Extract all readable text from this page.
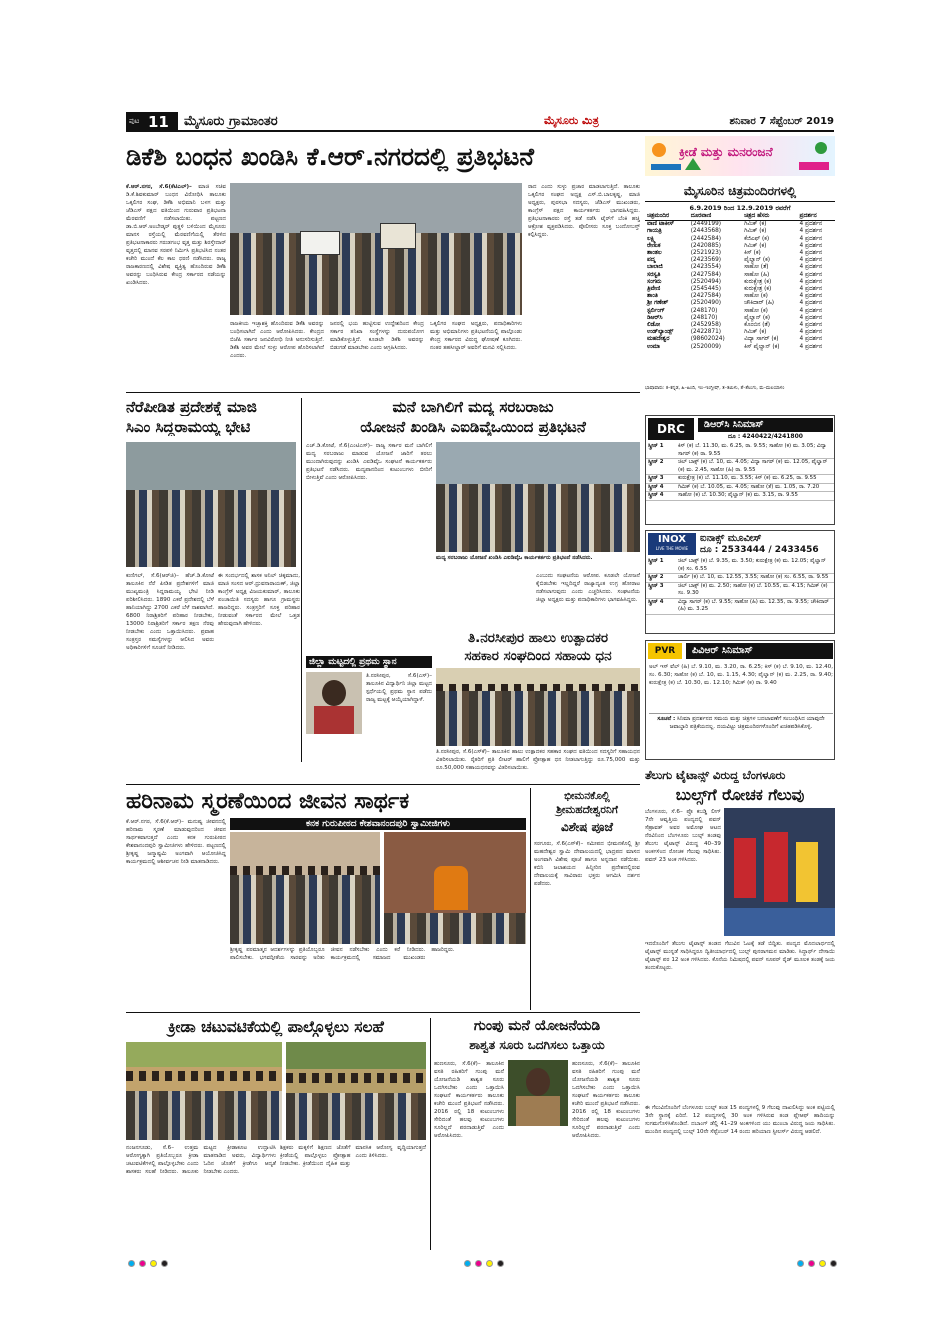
ಪುಟ 11 ಮೈಸೂರು ಗ್ರಾಮಾಂತರ	ಮೈಸೂರು ಮಿತ್ರ	ಶನಿವಾರ 7 ಸೆಪ್ಟೆಂಬರ್ 2019
ಡಿಕೆಶಿ ಬಂಧನ ಖಂಡಿಸಿ ಕೆ.ಆರ್.ನಗರದಲ್ಲಿ ಪ್ರತಿಭಟನೆ	ಕ್ರೀಡೆ ಮತ್ತು ಮನರಂಜನೆ

ಕೆ.ಆರ್.ನಗರ, ಸೆ.6(ಕೆಟಿಎಲ್)– ಮಾಜಿ ಸಚಿವ ಡಿ.ಕೆ.ಶಿವಕುಮಾರ್ ಬಂಧನ ವಿರೋಧಿಸಿ ತಾಲೂಕು ಒಕ್ಕಲಿಗರ ಸಂಘ, ಡಿಕೆಶಿ ಅಭಿಮಾನಿ ಬಳಗ ಮತ್ತು ಜೆಡಿಎಸ್ ಪಕ್ಷದ ವತಿಯಿಂದ ಗುರುವಾರ ಪ್ರತಿಭಟನಾ ಮೆರವಣಿಗೆ ನಡೆಸಲಾಯಿತು. ಪಟ್ಟಣದ ಡಾ.ಬಿ.ಆರ್.ಅಂಬೇಡ್ಕರ್ ಪುತ್ಥಳಿ ಬಳಿಯಿಂದ ಮೈಸೂರು ಮಾನಸ ರಸ್ತೆಯಲ್ಲಿ ಮೆರವಣಿಗೆಯಲ್ಲಿ ತೆರಳಿದ ಪ್ರತಿಭಟನಾಕಾರರು ಗರುಡಗಂಭ ವೃತ್ತ ಮತ್ತು ಶಿರಸ್ತೇದಾರ್ ವೃತ್ತದಲ್ಲಿ ಮಾನವ ಸರಪಳಿ ನಿರ್ಮಿಸಿ ಪ್ರತಿಭಟಿಸಿದ ನಂತರ ಕಚೇರಿ ಮುಂದೆ ಕೆಲ ಕಾಲ ಧರಣಿ ನಡೆಸಿದರು. ರಾಜ್ಯ ರಾಜಕಾರಣದಲ್ಲಿ ವಿಶೇಷ ವ್ಯಕ್ತಿತ್ವ ಹೊಂದಿರುವ ಡಿಕೆಶಿ ಅವರನ್ನು ಬಂಧಿಸಿರುವ ಕೇಂದ್ರ ಸರ್ಕಾರದ ನಡೆಯನ್ನು ಖಂಡಿಸಿದರು.

ರಾಜಕೀಯ ಇಚ್ಛಾಶಕ್ತಿ ಹೊಂದಿರುವ ಡಿಕೆಶಿ ಅವರನ್ನು ಬಂಧಿಸಲಾಗಿದೆ ಎಂದು ಆರೋಪಿಸಿದರು. ಕೇಂದ್ರದ ಬಿಜೆಪಿ ಸರ್ಕಾರ ಜನವಿರೋಧಿ ನೀತಿ ಅನುಸರಿಸುತ್ತಿದೆ. ಡಿಕೆಶಿ ಅವರ ಮೇಲೆ ಸುಳ್ಳು ಆರೋಪ ಹೊರಿಸಲಾಗಿದೆ ಎಂದರು.
ಜನರಲ್ಲಿ ಭಯ ಹುಟ್ಟಿಸುವ ಉದ್ದೇಶದಿಂದ ಕೇಂದ್ರ ಸರ್ಕಾರ ತನಿಖಾ ಸಂಸ್ಥೆಗಳನ್ನು ದುರುಪಯೋಗ ಮಾಡಿಕೊಳ್ಳುತ್ತಿದೆ. ಕೂಡಲೇ ಡಿಕೆಶಿ ಅವರನ್ನು ಬಿಡುಗಡೆ ಮಾಡಬೇಕು ಎಂದು ಆಗ್ರಹಿಸಿದರು.
ಒಕ್ಕಲಿಗರ ಸಂಘದ ಅಧ್ಯಕ್ಷರು, ಪದಾಧಿಕಾರಿಗಳು ಮತ್ತು ಅಭಿಮಾನಿಗಳು ಪ್ರತಿಭಟನೆಯಲ್ಲಿ ಪಾಲ್ಗೊಂಡು ಕೇಂದ್ರ ಸರ್ಕಾರದ ವಿರುದ್ಧ ಘೋಷಣೆ ಕೂಗಿದರು. ನಂತರ ತಹಸೀಲ್ದಾರ್ ಅವರಿಗೆ ಮನವಿ ಸಲ್ಲಿಸಿದರು.
ರಾದ ಎಂದು ಸುಳ್ಳು ಪ್ರಚಾರ ಮಾಡಲಾಗುತ್ತಿದೆ. ತಾಲೂಕು ಒಕ್ಕಲಿಗರ ಸಂಘದ ಅಧ್ಯಕ್ಷ ಎಸ್.ಬಿ.ಬಾಲಕೃಷ್ಣ, ಮಾಜಿ ಅಧ್ಯಕ್ಷರು, ಪುರಸಭಾ ಸದಸ್ಯರು, ಜೆಡಿಎಸ್ ಮುಖಂಡರು, ಕಾಂಗ್ರೆಸ್ ಪಕ್ಷದ ಕಾರ್ಯಕರ್ತರು ಭಾಗವಹಿಸಿದ್ದರು. ಪ್ರತಿಭಟನಾಕಾರರು ರಸ್ತೆ ತಡೆ ನಡೆಸಿ ಟೈರ್‌ಗೆ ಬೆಂಕಿ ಹಚ್ಚಿ ಆಕ್ರೋಶ ವ್ಯಕ್ತಪಡಿಸಿದರು. ಪೊಲೀಸರು ಸೂಕ್ತ ಬಂದೋಬಸ್ತ್ ಕಲ್ಪಿಸಿದ್ದರು.
ನೆರೆಪೀಡಿತ ಪ್ರದೇಶಕ್ಕೆ ಮಾಜಿ
ಸಿಎಂ ಸಿದ್ದರಾಮಯ್ಯ ಭೇಟಿ
ಕುಣಿಗಲ್, ಸೆ.6(ಆರ್‌ಜಿ)– ಹೆಚ್.ಡಿ.ಕೋಟೆ ತಾಲೂಕಿನ ನೆರೆ ಪೀಡಿತ ಪ್ರದೇಶಗಳಿಗೆ ಮಾಜಿ ಮುಖ್ಯಮಂತ್ರಿ ಸಿದ್ದರಾಮಯ್ಯ ಭೇಟಿ ನೀಡಿ ಪರಿಶೀಲಿಸಿದರು. 1890 ಎಕರೆ ಪ್ರದೇಶದಲ್ಲಿ ಬೆಳೆ ಹಾನಿಯಾಗಿದ್ದು 2700 ಎಕರೆ ಬೆಳೆ ನಾಶವಾಗಿದೆ. 6800 ನಿರಾಶ್ರಿತರಿಗೆ ಪರಿಹಾರ ನೀಡಬೇಕು, 13000 ನಿರಾಶ್ರಿತರಿಗೆ ಸರ್ಕಾರ ತಕ್ಷಣ ನೆರವು ನೀಡಬೇಕು ಎಂದು ಒತ್ತಾಯಿಸಿದರು. ಪ್ರವಾಹ ಸಂತ್ರಸ್ತರ ಸಮಸ್ಯೆಗಳನ್ನು ಆಲಿಸಿದ ಅವರು ಅಧಿಕಾರಿಗಳಿಗೆ ಸೂಚನೆ ನೀಡಿದರು.
ಈ ಸಂದರ್ಭದಲ್ಲಿ ಶಾಸಕ ಅನಿಲ್ ಚಿಕ್ಕಮಾದು, ಮಾಜಿ ಸಂಸದ ಆರ್.ಧ್ರುವನಾರಾಯಣ್, ಜಿಲ್ಲಾ ಕಾಂಗ್ರೆಸ್ ಅಧ್ಯಕ್ಷ ವಿಜಯಕುಮಾರ್, ತಾಲೂಕು ಪಂಚಾಯಿತಿ ಸದಸ್ಯರು ಹಾಗೂ ಗ್ರಾಮಸ್ಥರು ಹಾಜರಿದ್ದರು. ಸಂತ್ರಸ್ತರಿಗೆ ಸೂಕ್ತ ಪರಿಹಾರ ನೀಡುವಂತೆ ಸರ್ಕಾರದ ಮೇಲೆ ಒತ್ತಡ ಹೇರುವುದಾಗಿ ಹೇಳಿದರು.
ಮನೆ ಬಾಗಿಲಿಗೆ ಮದ್ಯ ಸರಬರಾಜು
ಯೋಜನೆ ಖಂಡಿಸಿ ಎಐಡಿವೈಒಯಿಂದ ಪ್ರತಿಭಟನೆ
ಎಚ್.ಡಿ.ಕೋಟೆ, ಸೆ.6(ಎಂಟಿಎಸ್)– ರಾಜ್ಯ ಸರ್ಕಾರ ಮನೆ ಬಾಗಿಲಿಗೆ ಮದ್ಯ ಸರಬರಾಜು ಮಾಡುವ ಯೋಜನೆ ಜಾರಿಗೆ ತರಲು ಮುಂದಾಗಿರುವುದನ್ನು ಖಂಡಿಸಿ ಎಐಡಿವೈಒ ಸಂಘಟನೆ ಕಾರ್ಯಕರ್ತರು ಪ್ರತಿಭಟನೆ ನಡೆಸಿದರು. ಮದ್ಯಪಾನದಿಂದ ಕುಟುಂಬಗಳು ಬೀದಿಗೆ ಬೀಳುತ್ತಿವೆ ಎಂದು ಆರೋಪಿಸಿದರು.
ಮದ್ಯ ಸರಬರಾಜು ಯೋಜನೆ ಖಂಡಿಸಿ ಎಐಡಿವೈಒ ಕಾರ್ಯಕರ್ತರು ಪ್ರತಿಭಟನೆ ನಡೆಸಿದರು.
ಎಂಬುದು ಸಂಘಟನೆಯ ಆರೋಪ. ಕೂಡಲೇ ಯೋಜನೆ ಕೈಬಿಡಬೇಕು ಇಲ್ಲದಿದ್ದರೆ ರಾಜ್ಯಾದ್ಯಂತ ಉಗ್ರ ಹೋರಾಟ ನಡೆಸಲಾಗುವುದು ಎಂದು ಎಚ್ಚರಿಸಿದರು. ಸಂಘಟನೆಯ ಜಿಲ್ಲಾ ಅಧ್ಯಕ್ಷರು ಮತ್ತು ಪದಾಧಿಕಾರಿಗಳು ಭಾಗವಹಿಸಿದ್ದರು.
ತಿ.ನರಸೀಪುರ ಹಾಲು ಉತ್ಪಾದಕರ
ಸಹಕಾರ ಸಂಘದಿಂದ ಸಹಾಯ ಧನ
ತಿ.ನರಸೀಪುರ, ಸೆ.6(ಎಸ್‌ಕೆ)– ತಾಲೂಕಿನ ಹಾಲು ಉತ್ಪಾದಕರ ಸಹಕಾರ ಸಂಘದ ವತಿಯಿಂದ ಸದಸ್ಯರಿಗೆ ಸಹಾಯಧನ ವಿತರಿಸಲಾಯಿತು. ರೈತರಿಗೆ ಪ್ರತಿ ಲೀಟರ್ ಹಾಲಿಗೆ ಪ್ರೋತ್ಸಾಹ ಧನ ನೀಡಲಾಗುತ್ತಿದ್ದು ರೂ.75,000 ಮತ್ತು ರೂ.50,000 ಸಹಾಯಧನವನ್ನು ವಿತರಿಸಲಾಯಿತು.
ಜಿಲ್ಲಾ ಮಟ್ಟದಲ್ಲಿ ಪ್ರಥಮ ಸ್ಥಾನ
ತಿ.ನರಸೀಪುರ, ಸೆ.6(ಎಸ್)– ತಾಲೂಕಿನ ವಿದ್ಯಾರ್ಥಿನಿ ಜಿಲ್ಲಾ ಮಟ್ಟದ ಸ್ಪರ್ಧೆಯಲ್ಲಿ ಪ್ರಥಮ ಸ್ಥಾನ ಪಡೆದು ರಾಜ್ಯ ಮಟ್ಟಕ್ಕೆ ಆಯ್ಕೆಯಾಗಿದ್ದಾಳೆ.
ಹರಿನಾಮ ಸ್ಮರಣೆಯಿಂದ ಜೀವನ ಸಾರ್ಥಕ
ಕನಕ ಗುರುಪೀಠದ ಕೇಶವಾನಂದಪುರಿ ಸ್ವಾಮೀಜಿಗಳು
ಕೆ.ಆರ್.ನಗರ, ಸೆ.6(ಕೆ.ಆರ್)– ಮನುಷ್ಯ ಜೀವನದಲ್ಲಿ ಹರಿನಾಮ ಸ್ಮರಣೆ ಮಾಡುವುದರಿಂದ ಜೀವನ ಸಾರ್ಥಕವಾಗುತ್ತದೆ ಎಂದು ಕನಕ ಗುರುಪೀಠದ ಕೇಶವಾನಂದಪುರಿ ಸ್ವಾಮೀಜಿಗಳು ಹೇಳಿದರು. ಪಟ್ಟಣದಲ್ಲಿ ಶ್ರೀಕೃಷ್ಣ ಜನ್ಮಾಷ್ಟಮಿ ಅಂಗವಾಗಿ ಆಯೋಜಿಸಿದ್ದ ಕಾರ್ಯಕ್ರಮದಲ್ಲಿ ಆಶೀರ್ವಚನ ನೀಡಿ ಮಾತನಾಡಿದರು.
ಶ್ರೀಕೃಷ್ಣ ಪರಮಾತ್ಮನ ಆದರ್ಶಗಳನ್ನು ಪ್ರತಿಯೊಬ್ಬರೂ ಪಾಲಿಸಬೇಕು. ಭಗವದ್ಗೀತೆಯ ಸಾರವನ್ನು ಅರಿತು ಜೀವನ ನಡೆಸಬೇಕು ಎಂದು ಕರೆ ನೀಡಿದರು. ಕಾರ್ಯಕ್ರಮದಲ್ಲಿ ಸಮಾಜದ ಮುಖಂಡರು ಹಾಜರಿದ್ದರು.
ಭೀಮನಕೊಲ್ಲಿ
ಶ್ರೀಮಹದೇಶ್ವರನಿಗೆ
ವಿಶೇಷ ಪೂಜೆ
ಸರಗೂರು, ಸೆ.6(ಎಸ್‌ಕೆ)– ಸಮೀಪದ ಭೀಮನಕೊಲ್ಲಿ ಶ್ರೀ ಮಹದೇಶ್ವರ ಸ್ವಾಮಿ ದೇವಾಲಯದಲ್ಲಿ ಭಾದ್ರಪದ ಮಾಸದ ಅಂಗವಾಗಿ ವಿಶೇಷ ಪೂಜೆ ಹಾಗೂ ಅನ್ನದಾನ ನಡೆಯಿತು. ಕಬಿನಿ ಜಲಾಶಯದ ಹಿನ್ನೀರಿನ ಪ್ರದೇಶದಲ್ಲಿರುವ ದೇವಾಲಯಕ್ಕೆ ಸಾವಿರಾರು ಭಕ್ತರು ಆಗಮಿಸಿ ದರ್ಶನ ಪಡೆದರು.
ಕ್ರೀಡಾ ಚಟುವಟಿಕೆಯಲ್ಲಿ ಪಾಲ್ಗೊಳ್ಳಲು ಸಲಹೆ
ನಂಜನಗೂಡು, ಸೆ.6– ಉತ್ತಮ ಆರೋಗ್ಯಕ್ಕಾಗಿ ಪ್ರತಿಯೊಬ್ಬರೂ ಕ್ರೀಡಾ ಚಟುವಟಿಕೆಗಳಲ್ಲಿ ಪಾಲ್ಗೊಳ್ಳಬೇಕು ಎಂದು ಶಾಸಕರು ಸಲಹೆ ನೀಡಿದರು. ತಾಲೂಕು ಮಟ್ಟದ ಕ್ರೀಡಾಕೂಟ ಉದ್ಘಾಟಿಸಿ ಮಾತನಾಡಿದ ಅವರು, ವಿದ್ಯಾರ್ಥಿಗಳು ಓದಿನ ಜೊತೆಗೆ ಕ್ರೀಡೆಗೂ ಆದ್ಯತೆ ನೀಡಬೇಕು ಎಂದರು.
ಶಿಕ್ಷಕರು ಮಕ್ಕಳಿಗೆ ಶಿಕ್ಷಣದ ಜೊತೆಗೆ ಕ್ರೀಡೆಯಲ್ಲಿ ಪಾಲ್ಗೊಳ್ಳಲು ಪ್ರೋತ್ಸಾಹ ನೀಡಬೇಕು. ಕ್ರೀಡೆಯಿಂದ ದೈಹಿಕ ಮತ್ತು ಮಾನಸಿಕ ಆರೋಗ್ಯ ವೃದ್ಧಿಯಾಗುತ್ತದೆ ಎಂದು ತಿಳಿಸಿದರು.
ಗುಂಪು ಮನೆ ಯೋಜನೆಯಡಿ
ಶಾಶ್ವತ ಸೂರು ಒದಗಿಸಲು ಒತ್ತಾಯ
ಹುಣಸೂರು, ಸೆ.6(ಕೆ)– ತಾಲೂಕಿನ ವಸತಿ ರಹಿತರಿಗೆ ಗುಂಪು ಮನೆ ಯೋಜನೆಯಡಿ ಶಾಶ್ವತ ಸೂರು ಒದಗಿಸಬೇಕು ಎಂದು ಒತ್ತಾಯಿಸಿ ಸಂಘಟನೆ ಕಾರ್ಯಕರ್ತರು ತಾಲೂಕು ಕಚೇರಿ ಮುಂದೆ ಪ್ರತಿಭಟನೆ ನಡೆಸಿದರು. 2016 ರಲ್ಲಿ 18 ಕುಟುಂಬಗಳು ಸೇರಿದಂತೆ ಹಲವು ಕುಟುಂಬಗಳು ಸೂರಿಲ್ಲದೆ ಪರದಾಡುತ್ತಿವೆ ಎಂದು ಆರೋಪಿಸಿದರು.
ಹುಣಸೂರು, ಸೆ.6(ಕೆ)– ತಾಲೂಕಿನ ವಸತಿ ರಹಿತರಿಗೆ ಗುಂಪು ಮನೆ ಯೋಜನೆಯಡಿ ಶಾಶ್ವತ ಸೂರು ಒದಗಿಸಬೇಕು ಎಂದು ಒತ್ತಾಯಿಸಿ ಸಂಘಟನೆ ಕಾರ್ಯಕರ್ತರು ತಾಲೂಕು ಕಚೇರಿ ಮುಂದೆ ಪ್ರತಿಭಟನೆ ನಡೆಸಿದರು. 2016 ರಲ್ಲಿ 18 ಕುಟುಂಬಗಳು ಸೇರಿದಂತೆ ಹಲವು ಕುಟುಂಬಗಳು ಸೂರಿಲ್ಲದೆ ಪರದಾಡುತ್ತಿವೆ ಎಂದು ಆರೋಪಿಸಿದರು.
ಮೈಸೂರಿನ ಚಿತ್ರಮಂದಿರಗಳಲ್ಲಿ
6.9.2019 ರಿಂದ 12.9.2019 ರವರೆಗೆ
ಚಿತ್ರಮಂದಿರ	ದೂರವಾಣಿ	ಚಿತ್ರದ ಹೆಸರು	ಪ್ರದರ್ಶನ
ವಾಣಿ ಟಾಕೀಸ್	(2449199)	ಗಿಮಿಕ್ (ಕ)	4 ಪ್ರದರ್ಶನ
ಗಾಯತ್ರಿ	(2443568)	ಗಿಮಿಕ್ (ಕ)	4 ಪ್ರದರ್ಶನ
ಲಕ್ಷ್ಮಿ	(2442584)	ಕೆಜಿಎಫ್ (ಕ)	4 ಪ್ರದರ್ಶನ
ರೇಣುಕ	(2420885)	ಗಿಮಿಕ್ (ಕ)	4 ಪ್ರದರ್ಶನ
ಶಾಂತಲ	(2521923)	ಕಿಸ್ (ಕ)	4 ಪ್ರದರ್ಶನ
ಪದ್ಮ	(2423569)	ಪೈಲ್ವಾನ್ (ಕ)	4 ಪ್ರದರ್ಶನ
ಬಾಲಾಜಿ	(2423554)	ಸಾಹೋ (ತೆ)	4 ಪ್ರದರ್ಶನ
ಸರಸ್ವತಿ	(2427584)	ಸಾಹೋ (ಹಿ)	4 ಪ್ರದರ್ಶನ
ಸಂಗಮ	(2520494)	ಕುರುಕ್ಷೇತ್ರ (ಕ)	4 ಪ್ರದರ್ಶನ
ತ್ರಿವೇಣಿ	(2545445)	ಕುರುಕ್ಷೇತ್ರ (ಕ)	4 ಪ್ರದರ್ಶನ
ಶಾಂತಿ	(2427584)	ಸಾಹೋ (ಕ)	4 ಪ್ರದರ್ಶನ
ಶ್ರೀ ಗಣೇಶ್	(2520490)	ಚೌಕಿದಾರ್ (ಹಿ)	4 ಪ್ರದರ್ಶನ
ಸ್ಟರ್ಲಿಂಗ್	(248170)	ಸಾಹೋ (ಕ)	4 ಪ್ರದರ್ಶನ
ಡಿಆರ್‌ಸಿ	(248170)	ಪೈಲ್ವಾನ್ (ಕ)	4 ಪ್ರದರ್ಶನ
ಲಿಡೋ	(2452958)	ಕೊಂಬಿನ (ತೆ)	4 ಪ್ರದರ್ಶನ
ಉಡ್‌ಲ್ಯಾಂಡ್ಸ್	(2422871)	ಗಿಮಿಕ್ (ಕ)	4 ಪ್ರದರ್ಶನ
ಮಹದೇಶ್ವರ	(98602024)	ವಿದ್ಯಾ ಸಾಗರ್ (ಕ)	4 ಪ್ರದರ್ಶನ
ಉಮಾ	(2520009)	ಕಿಸ್ ಪೈಲ್ವಾನ್ (ಕ)	4 ಪ್ರದರ್ಶನ
ಭಾಷಾವಾರು: ಕ–ಕನ್ನಡ, ಹಿ–ಹಿಂದಿ, ಇಂ–ಇಂಗ್ಲೀಷ್, ತ–ತಮಿಳು, ತೆ–ತೆಲುಗು, ಮ–ಮಲಯಾಳಂ
DRC	ಡಿಆರ್‌ಸಿ ಸಿನಿಮಾಸ್
ದೂ : 4240422/4241800
ಸ್ಕ್ರೀನ್ 1	ಕಿಸ್ (ಕ) ಬೆ. 11.30, ಮ. 6.25, ರಾ. 9.55; ಸಾಹೋ (ಕ) ಮ. 3.05; ವಿದ್ಯಾ ಸಾಗರ್ (ಕ) ರಾ. 9.55
ಸ್ಕ್ರೀನ್ 2	ಚಿಲ್ ಬಾಕ್ಸ್ (ಕ) ಬೆ. 10, ಮ. 4.05; ವಿದ್ಯಾ ಸಾಗರ್ (ಕ) ಮ. 12.05, ಪೈಲ್ವಾನ್ (ಕ) ಮ. 2.45, ಸಾಹೋ (ಹಿ) ರಾ. 9.55
ಸ್ಕ್ರೀನ್ 3	ಕುರುಕ್ಷೇತ್ರ (ಕ) ಬೆ. 11.10, ಮ. 3.55; ಕಿಸ್ (ಕ) ಮ. 6.25, ರಾ. 9.55
ಸ್ಕ್ರೀನ್ 4	ಗಿಮಿಕ್ (ಕ) ಬೆ. 10.05, ಮ. 4.05; ಸಾಹೋ (ತೆ) ಮ. 1.05, ರಾ. 7.20
ಸ್ಕ್ರೀನ್ 4	ಸಾಹೋ (ಕ) ಬೆ. 10.30; ಪೈಲ್ವಾನ್ (ಕ) ಮ. 3.15, ರಾ. 9.55
INOX
LIVE THE MOVIE
ಐನಾಕ್ಸ್ ಮೂವೀಸ್
ದೂ : 2533444 / 2433456
ಸ್ಕ್ರೀನ್ 1	ಚಿಲ್ ಬಾಕ್ಸ್ (ಕ) ಬೆ. 9.35, ಮ. 3.50; ಕುರುಕ್ಷೇತ್ರ (ಕ) ಮ. 12.05; ಪೈಲ್ವಾನ್ (ಕ) ಸಂ. 6.55
ಸ್ಕ್ರೀನ್ 2	ಚಾರ್ಲಿ (ಕ) ಬೆ. 10, ಮ. 12.55, 3.55; ಸಾಹೋ (ಕ) ಸಂ. 6.55, ರಾ. 9.55
ಸ್ಕ್ರೀನ್ 3	ಚಿಲ್ ಬಾಕ್ಸ್ (ಕ) ಮ. 2.50; ಸಾಹೋ (ಕ) ಬೆ. 10.55, ಮ. 4.15; ಗಿಮಿಕ್ (ಕ) ಸಂ. 9.30
ಸ್ಕ್ರೀನ್ 4	ವಿದ್ಯಾ ಸಾಗರ್ (ಕ) ಬೆ. 9.55; ಸಾಹೋ (ಹಿ) ಮ. 12.35, ರಾ. 9.55; ಚೌಕಿದಾರ್ (ಹಿ) ಮ. 3.25
PVR	ಪಿವಿಆರ್ ಸಿನಿಮಾಸ್
ಅಲ್ ಇಸ್ ವೆಲ್ (ಹಿ) ಬೆ. 9.10, ಮ. 3.20, ರಾ. 6.25; ಕಿಸ್ (ಕ) ಬೆ. 9.10, ಮ. 12.40, ಸಂ. 6.30; ಸಾಹೋ (ಕ) ಬೆ. 10, ಮ. 1.15, 4.30; ಪೈಲ್ವಾನ್ (ಕ) ಮ. 2.25, ರಾ. 9.40; ಕುರುಕ್ಷೇತ್ರ (ಕ) ಬೆ. 10.30, ಮ. 12.10; ಗಿಮಿಕ್ (ಕ) ರಾ. 9.40
ಸೂಚನೆ : ಸಿನಿಮಾ ಪ್ರದರ್ಶನದ ಸಮಯ ಮತ್ತು ಚಿತ್ರಗಳ ಬದಲಾವಣೆಗೆ ಸಂಬಂಧಿಸಿದ ಯಾವುದೇ ಜವಾಬ್ದಾರಿ ಪತ್ರಿಕೆಯದಲ್ಲ. ದಯವಿಟ್ಟು ಚಿತ್ರಮಂದಿರಗಳೊಂದಿಗೆ ಖಚಿತಪಡಿಸಿಕೊಳ್ಳಿ.
ತೆಲುಗು ಟೈಟಾನ್ಸ್ ವಿರುದ್ಧ ಬೆಂಗಳೂರು
ಬುಲ್ಸ್‌ಗೆ ರೋಚಕ ಗೆಲುವು
ಬೆಂಗಳೂರು, ಸೆ.6– ಪ್ರೊ ಕಬಡ್ಡಿ ಲೀಗ್ 7ನೇ ಆವೃತ್ತಿಯ ಪಂದ್ಯದಲ್ಲಿ ಪವನ್ ಸೆಹ್ರಾವತ್ ಅವರ ಅಮೋಘ ಆಟದ ನೆರವಿನಿಂದ ಬೆಂಗಳೂರು ಬುಲ್ಸ್ ತಂಡವು ತೆಲುಗು ಟೈಟಾನ್ಸ್ ವಿರುದ್ಧ 40–39 ಅಂಕಗಳಿಂದ ರೋಚಕ ಗೆಲುವು ಸಾಧಿಸಿತು. ಪವನ್ 23 ಅಂಕ ಗಳಿಸಿದರು.
ಇದರೊಂದಿಗೆ ತೆಲುಗು ಟೈಟಾನ್ಸ್ ತಂಡದ ಗೆಲುವಿನ ಓಟಕ್ಕೆ ತಡೆ ಬಿದ್ದಿತು. ಪಂದ್ಯದ ಮೊದಲಾರ್ಧದಲ್ಲಿ ಟೈಟಾನ್ಸ್ ಮುನ್ನಡೆ ಸಾಧಿಸಿದ್ದರೂ ದ್ವಿತೀಯಾರ್ಧದಲ್ಲಿ ಬುಲ್ಸ್ ಪುನರಾಗಮನ ಮಾಡಿತು. ಸಿದ್ಧಾರ್ಥ್ ದೇಸಾಯಿ ಟೈಟಾನ್ಸ್ ಪರ 12 ಅಂಕ ಗಳಿಸಿದರು. ಕೊನೆಯ ನಿಮಿಷದಲ್ಲಿ ಪವನ್ ಸೂಪರ್ ರೈಡ್ ಮೂಲಕ ತಂಡಕ್ಕೆ ಜಯ ತಂದುಕೊಟ್ಟರು.
ಈ ಗೆಲುವಿನೊಂದಿಗೆ ಬೆಂಗಳೂರು ಬುಲ್ಸ್ ತಂಡ 15 ಪಂದ್ಯಗಳಲ್ಲಿ 9 ಗೆಲುವು ದಾಖಲಿಸಿದ್ದು ಅಂಕ ಪಟ್ಟಿಯಲ್ಲಿ 3ನೇ ಸ್ಥಾನಕ್ಕೆ ಏರಿದೆ. 12 ಪಂದ್ಯಗಳಲ್ಲಿ 30 ಅಂಕ ಗಳಿಸಿರುವ ತಂಡ ಪ್ಲೇಆಫ್ ಹಾದಿಯನ್ನು ಸುಗಮಗೊಳಿಸಿಕೊಂಡಿದೆ. ದಬಾಂಗ್ ಡೆಲ್ಲಿ 41–29 ಅಂಕಗಳಿಂದ ಯು ಮುಂಬಾ ವಿರುದ್ಧ ಜಯ ಸಾಧಿಸಿತು. ಮುಂದಿನ ಪಂದ್ಯದಲ್ಲಿ ಬುಲ್ಸ್ 10ನೇ ಸೆಪ್ಟೆಂಬರ್ 14 ರಂದು ಹರಿಯಾಣ ಸ್ಟೀಲರ್ಸ್ ವಿರುದ್ಧ ಆಡಲಿದೆ.
